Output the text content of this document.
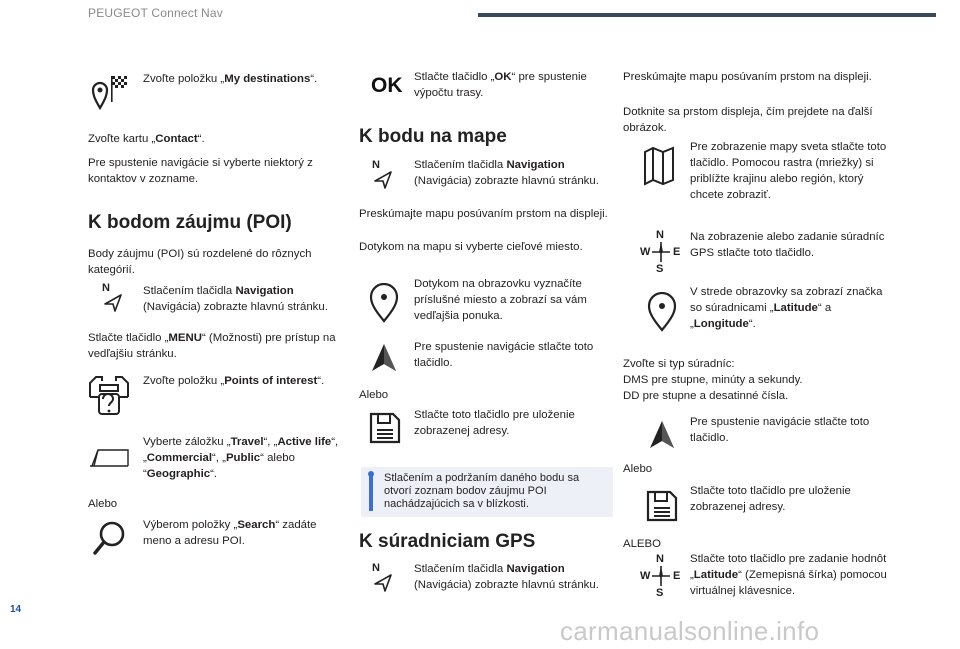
PEUGEOT Connect Nav

Zvoľte položku „My destinations“.

Zvoľte kartu „Contact“.

Pre spustenie navigácie si vyberte niektorý z kontaktov v zozname.

K bodom záujmu (POI)

Body záujmu (POI) sú rozdelené do rôznych kategórií.

N	Stlačením tlačidla Navigation (Navigácia) zobrazte hlavnú stránku.

Stlačte tlačidlo „MENU“ (Možnosti) pre prístup na vedľajšiu stránku.

Zvoľte položku „Points of interest“.

Vyberte záložku „Travel“, „Active life“, „Commercial“, „Public“ alebo “Geographic“.

Alebo

Výberom položky „Search“ zadáte meno a adresu POI.

OK Stlačte tlačidlo „OK“ pre spustenie výpočtu trasy.

K bodu na mape
N	Stlačením tlačidla Navigation (Navigácia) zobrazte hlavnú stránku.

Preskúmajte mapu posúvaním prstom na displeji.

Dotykom na mapu si vyberte cieľové miesto.

Dotykom na obrazovku vyznačíte príslušné miesto a zobrazí sa vám vedľajšia ponuka.

Pre spustenie navigácie stlačte toto tlačidlo.

Alebo

Stlačte toto tlačidlo pre uloženie zobrazenej adresy.

Stlačením a podržaním daného bodu sa otvorí zoznam bodov záujmu POI nachádzajúcich sa v blízkosti.
K súradniciam GPS
N	Stlačením tlačidla Navigation (Navigácia) zobrazte hlavnú stránku.

Preskúmajte mapu posúvaním prstom na displeji.

Dotknite sa prstom displeja, čím prejdete na ďalší obrázok.

Pre zobrazenie mapy sveta stlačte toto tlačidlo. Pomocou rastra (mriežky) si priblížte krajinu alebo región, ktorý chcete zobraziť.

N
W E
S

Na zobrazenie alebo zadanie súradníc GPS stlačte toto tlačidlo.

V strede obrazovky sa zobrazí značka so súradnicami „Latitude“ a „Longitude“.

Zvoľte si typ súradníc:

DMS pre stupne, minúty a sekundy.

DD pre stupne a desatinné čísla.

Pre spustenie navigácie stlačte toto tlačidlo.

Alebo

Stlačte toto tlačidlo pre uloženie zobrazenej adresy.

ALEBO

N
W E
S

Stlačte toto tlačidlo pre zadanie hodnôt „Latitude“ (Zemepisná šírka) pomocou virtuálnej klávesnice.

14
carmanualsonline.info
